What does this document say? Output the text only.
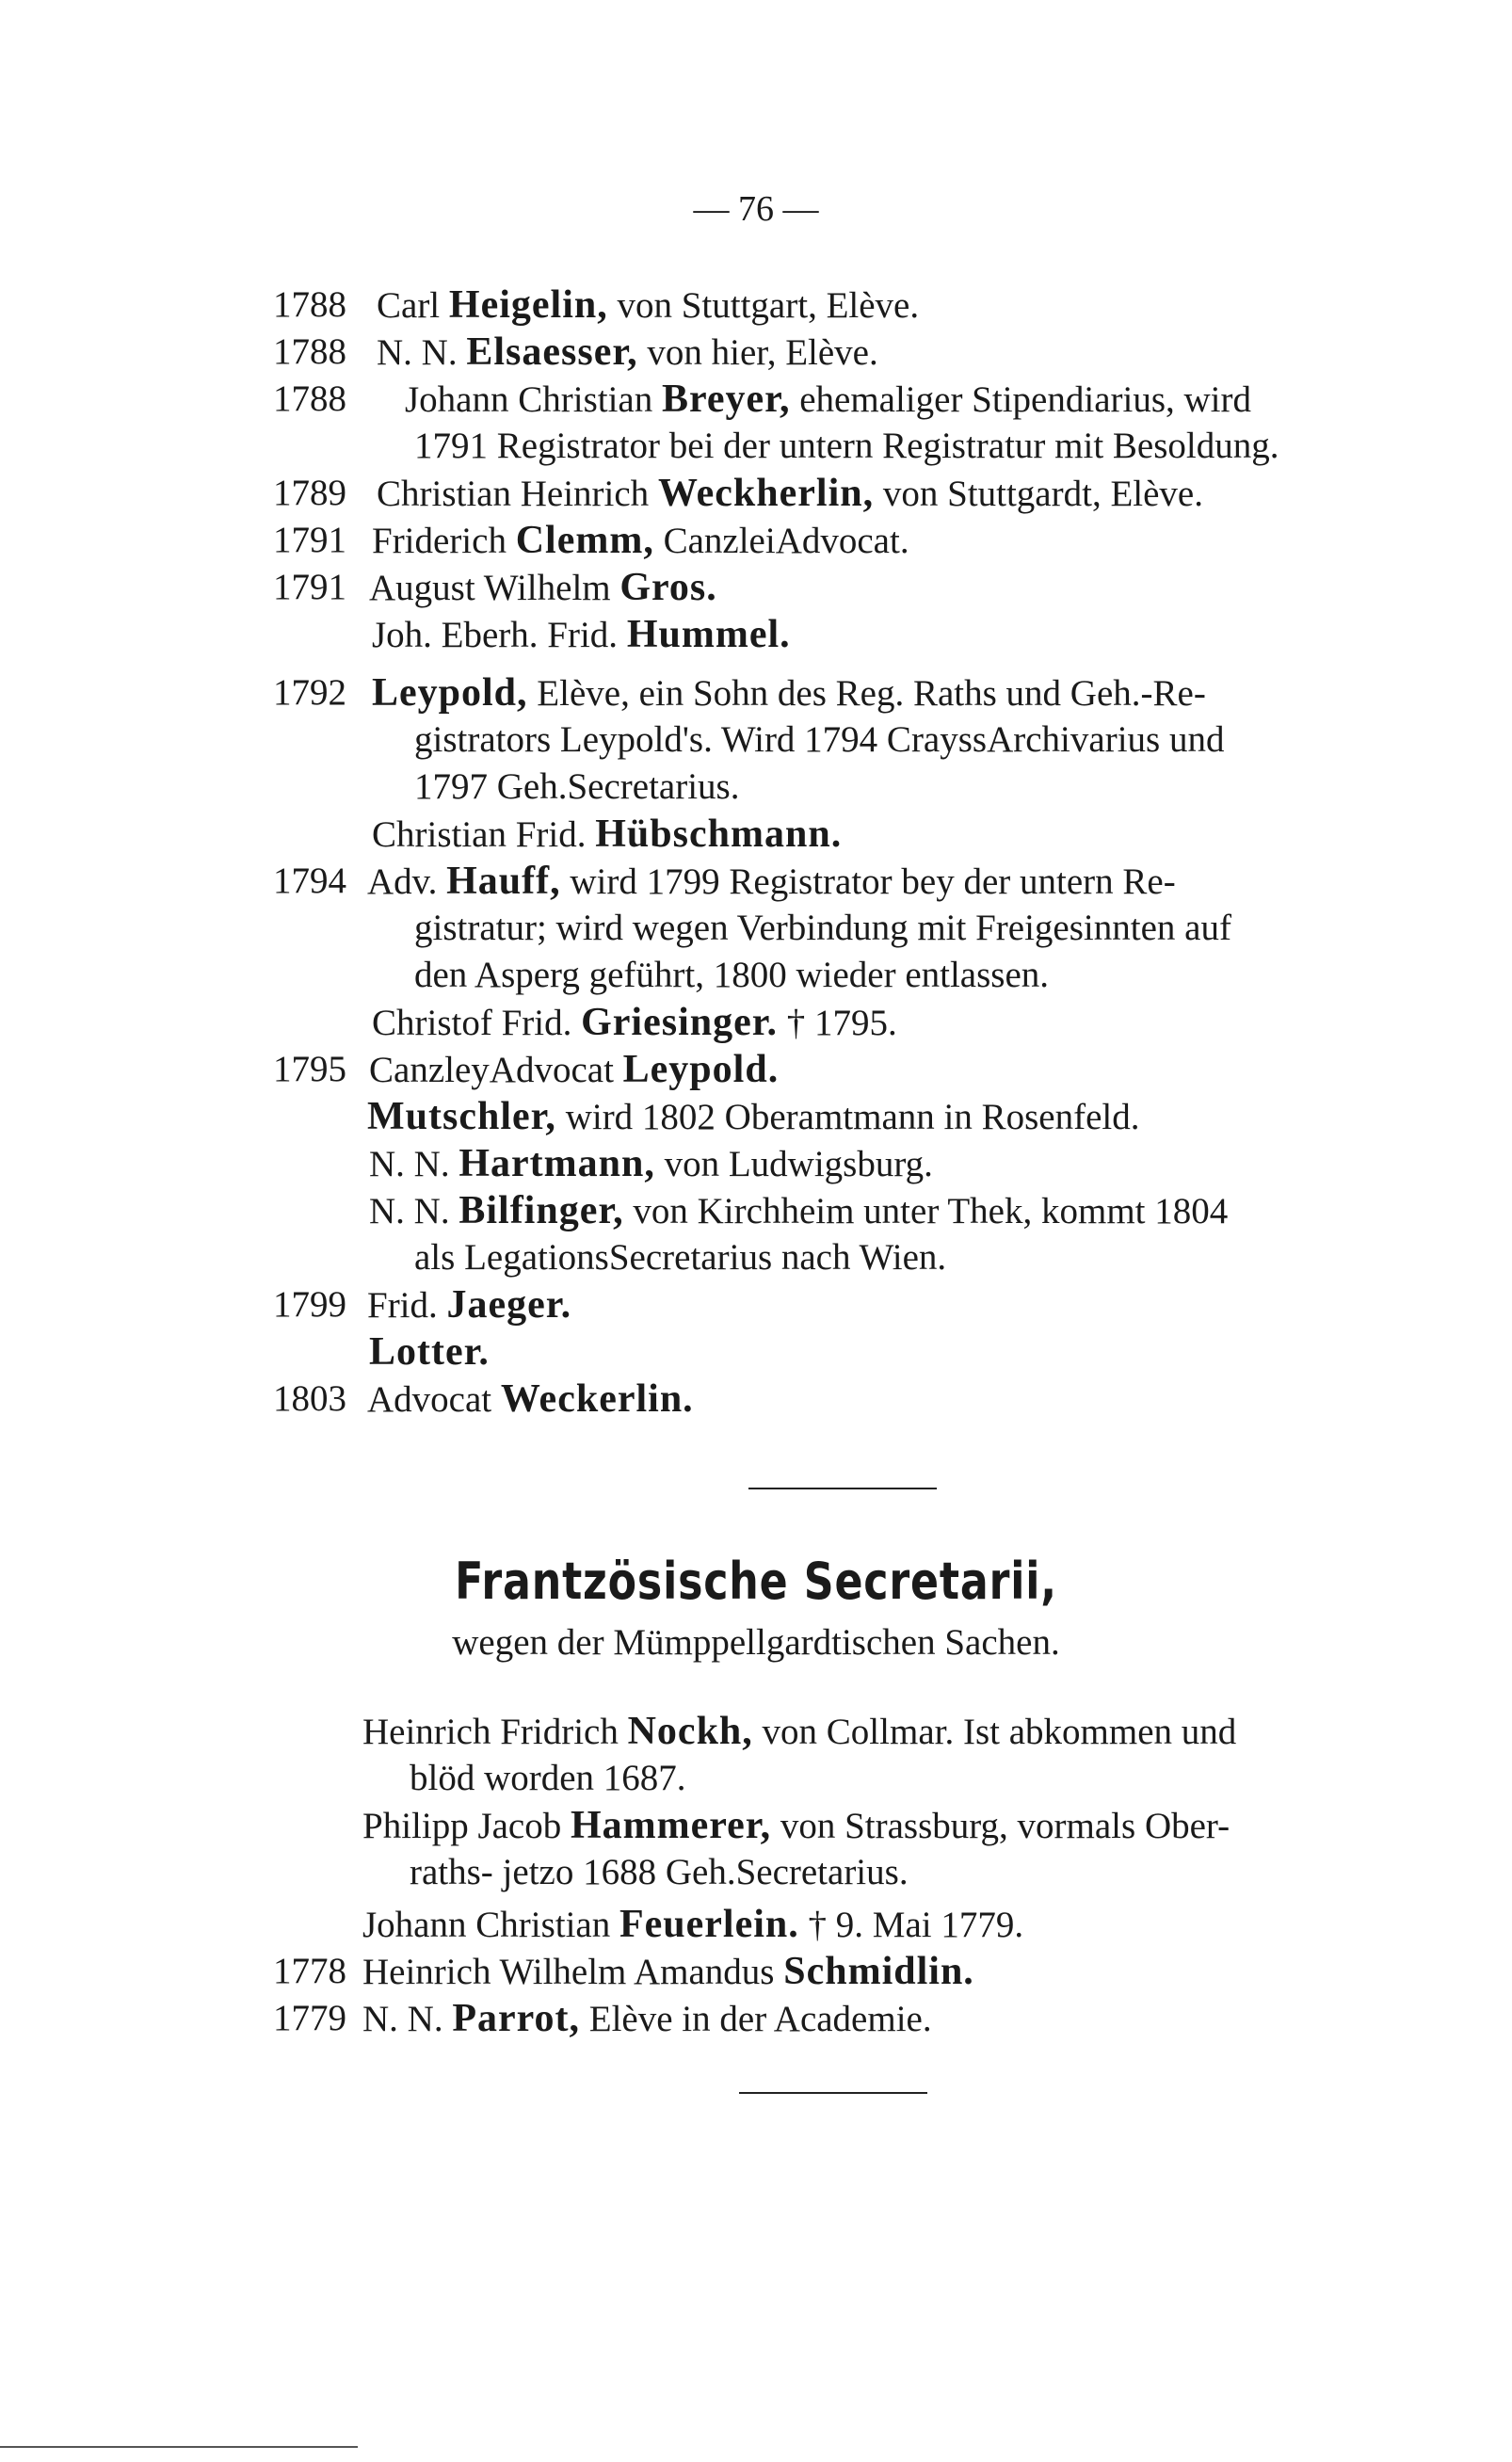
— 76 —
1788 Carl Heigelin, von Stuttgart, Elève.
1788 N. N. Elsaesser, von hier, Elève.
1788 Johann Christian Breyer, ehemaliger Stipendiarius, wird
1791 Registrator bei der untern Registratur mit Besoldung.
1789 Christian Heinrich Weckherlin, von Stuttgardt, Elève.
1791 Friderich Clemm, CanzleiAdvocat.
1791 August Wilhelm Gros.
Joh. Eberh. Frid. Hummel.
1792 Leypold, Elève, ein Sohn des Reg. Raths und Geh.-Re-
gistrators Leypold's. Wird 1794 CrayssArchivarius und
1797 Geh.Secretarius.
Christian Frid. Hübschmann.
1794 Adv. Hauff, wird 1799 Registrator bey der untern Re-
gistratur; wird wegen Verbindung mit Freigesinnten auf
den Asperg geführt, 1800 wieder entlassen.
Christof Frid. Griesinger. † 1795.
1795 CanzleyAdvocat Leypold.
Mutschler, wird 1802 Oberamtmann in Rosenfeld.
N. N. Hartmann, von Ludwigsburg.
N. N. Bilfinger, von Kirchheim unter Thek, kommt 1804
als LegationsSecretarius nach Wien.
1799 Frid. Jaeger.
Lotter.
1803 Advocat Weckerlin.
Frantzösische Secretarii,
wegen der Mümppellgardtischen Sachen.
Heinrich Fridrich Nockh, von Collmar. Ist abkommen und
blöd worden 1687.
Philipp Jacob Hammerer, von Strassburg, vormals Ober-
raths- jetzo 1688 Geh.Secretarius.
Johann Christian Feuerlein. † 9. Mai 1779.
1778 Heinrich Wilhelm Amandus Schmidlin.
1779 N. N. Parrot, Elève in der Academie.
